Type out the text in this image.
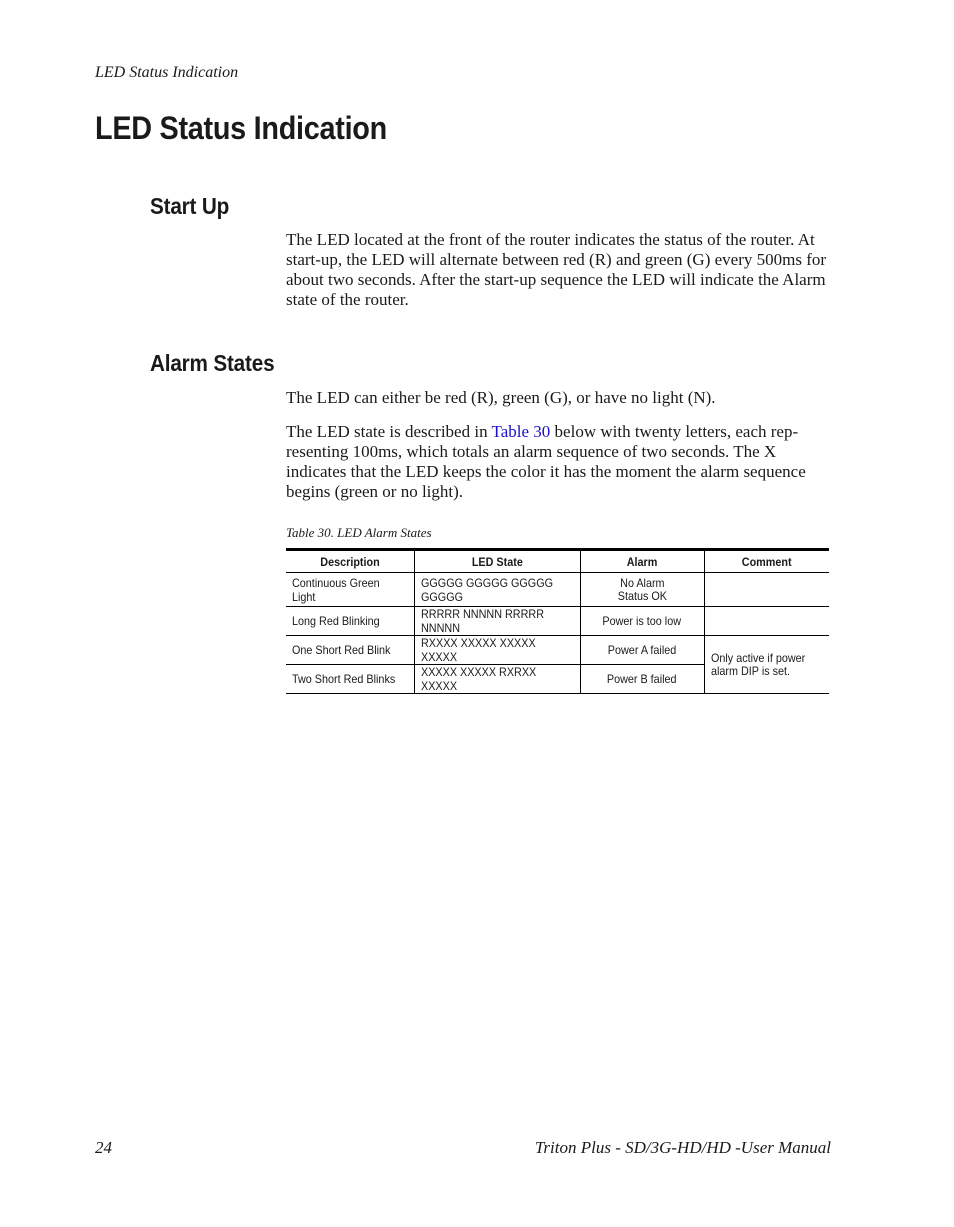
LED Status Indication
LED Status Indication
Start Up

The LED located at the front of the router indicates the status of the router. At start-up, the LED will alternate between red (R) and green (G) every 500ms for about two seconds. After the start-up sequence the LED will indicate the Alarm state of the router.

Alarm States

The LED can either be red (R), green (G), or have no light (N).

The LED state is described in Table 30 below with twenty letters, each rep-resenting 100ms, which totals an alarm sequence of two seconds. The X indicates that the LED keeps the color it has the moment the alarm sequence begins (green or no light).

Table 30. LED Alarm States
Description	LED State	Alarm	Comment
Continuous Green Light	GGGGG GGGGG GGGGG GGGGG	No Alarm
Status OK	
Long Red Blinking	RRRRR NNNNN RRRRR NNNNN	Power is too low	
One Short Red Blink	RXXXX XXXXX XXXXX XXXXX	Power A failed	Only active if power
alarm DIP is set.
Two Short Red Blinks	XXXXX XXXXX RXRXX XXXXX	Power B failed	
24	Triton Plus - SD/3G-HD/HD -User Manual
